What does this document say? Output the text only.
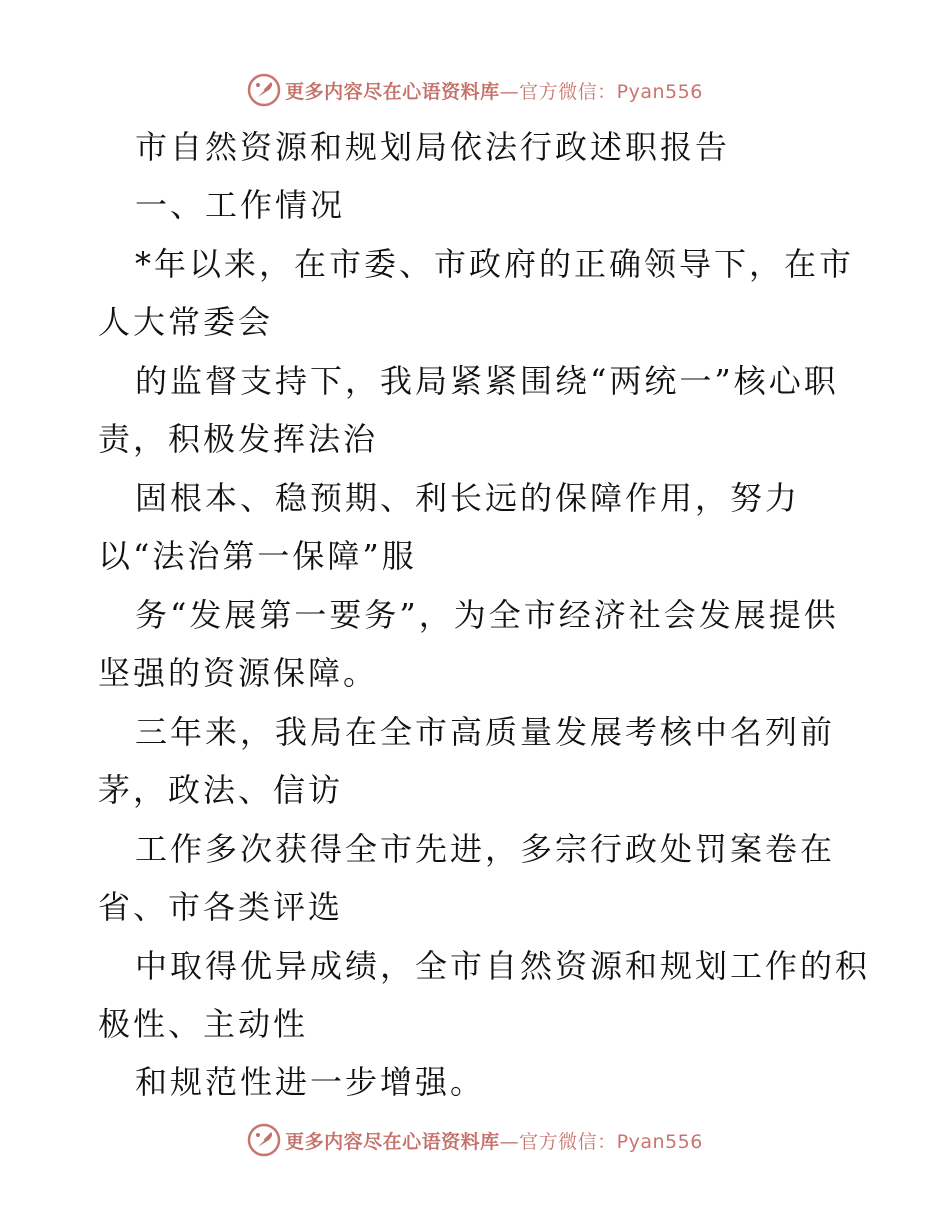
更多内容尽在心语资料库—官方微信：Pyan556
市自然资源和规划局依法行政述职报告
一、工作情况
*年以来，在市委、市政府的正确领导下，在市
人大常委会
的监督支持下，我局紧紧围绕“两统一”核心职
责，积极发挥法治
固根本、稳预期、利长远的保障作用，努力
以“法治第一保障”服
务“发展第一要务”，为全市经济社会发展提供
坚强的资源保障。
三年来，我局在全市高质量发展考核中名列前
茅，政法、信访
工作多次获得全市先进，多宗行政处罚案卷在
省、市各类评选
中取得优异成绩，全市自然资源和规划工作的积
极性、主动性
和规范性进一步增强。
更多内容尽在心语资料库—官方微信：Pyan556
